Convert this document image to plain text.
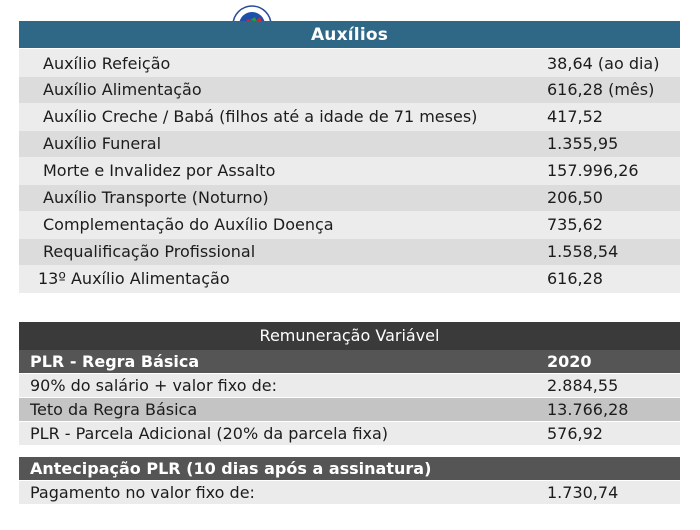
Auxílios
Auxílio Refeição	38,64 (ao dia)
Auxílio Alimentação	616,28 (mês)
Auxílio Creche / Babá (filhos até a idade de 71 meses)	417,52
Auxílio Funeral	1.355,95
Morte e Invalidez por Assalto	157.996,26
Auxílio Transporte (Noturno)	206,50
Complementação do Auxílio Doença	735,62
Requalificação Profissional	1.558,54
13º Auxílio Alimentação	616,28
Remuneração Variável
PLR - Regra Básica	2020
90% do salário + valor fixo de:	2.884,55
Teto da Regra Básica	13.766,28
PLR - Parcela Adicional (20% da parcela fixa)	576,92
Antecipação PLR (10 dias após a assinatura)
Pagamento no valor fixo de:	1.730,74
